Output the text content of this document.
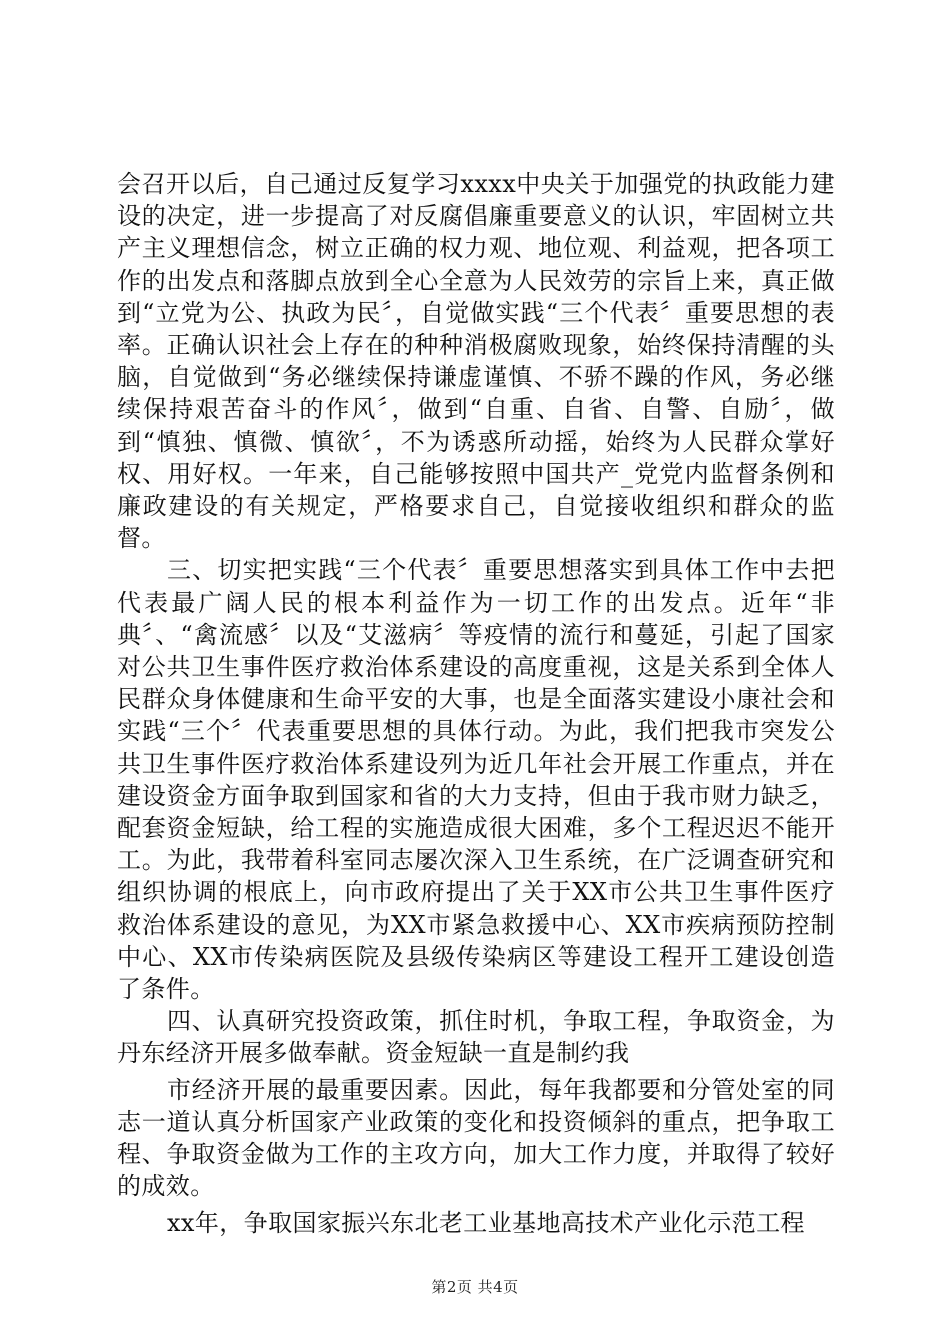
会召开以后，自己通过反复学习xxxx中央关于加强党的执政能力建设的决定，进一步提高了对反腐倡廉重要意义的认识，牢固树立共产主义理想信念，树立正确的权力观、地位观、利益观，把各项工作的出发点和落脚点放到全心全意为人民效劳的宗旨上来，真正做到“立党为公、执政为民〞，自觉做实践“三个代表〞重要思想的表率。正确认识社会上存在的种种消极腐败现象，始终保持清醒的头脑，自觉做到“务必继续保持谦虚谨慎、不骄不躁的作风，务必继续保持艰苦奋斗的作风〞，做到“自重、自省、自警、自励〞，做到“慎独、慎微、慎欲〞，不为诱惑所动摇，始终为人民群众掌好权、用好权。一年来，自己能够按照中国共产_党党内监督条例和廉政建设的有关规定，严格要求自己，自觉接收组织和群众的监督。

三、切实把实践“三个代表〞重要思想落实到具体工作中去把代表最广阔人民的根本利益作为一切工作的出发点。近年“非典〞、“禽流感〞以及“艾滋病〞等疫情的流行和蔓延，引起了国家对公共卫生事件医疗救治体系建设的高度重视，这是关系到全体人民群众身体健康和生命平安的大事，也是全面落实建设小康社会和实践“三个〞代表重要思想的具体行动。为此，我们把我市突发公共卫生事件医疗救治体系建设列为近几年社会开展工作重点，并在建设资金方面争取到国家和省的大力支持，但由于我市财力缺乏，配套资金短缺，给工程的实施造成很大困难，多个工程迟迟不能开工。为此，我带着科室同志屡次深入卫生系统，在广泛调查研究和组织协调的根底上，向市政府提出了关于XX市公共卫生事件医疗救治体系建设的意见，为XX市紧急救援中心、XX市疾病预防控制中心、XX市传染病医院及县级传染病区等建设工程开工建设创造了条件。

四、认真研究投资政策，抓住时机，争取工程，争取资金，为丹东经济开展多做奉献。资金短缺一直是制约我

市经济开展的最重要因素。因此，每年我都要和分管处室的同志一道认真分析国家产业政策的变化和投资倾斜的重点，把争取工程、争取资金做为工作的主攻方向，加大工作力度，并取得了较好的成效。

xx年，争取国家振兴东北老工业基地高技术产业化示范工程

第2页 共4页
